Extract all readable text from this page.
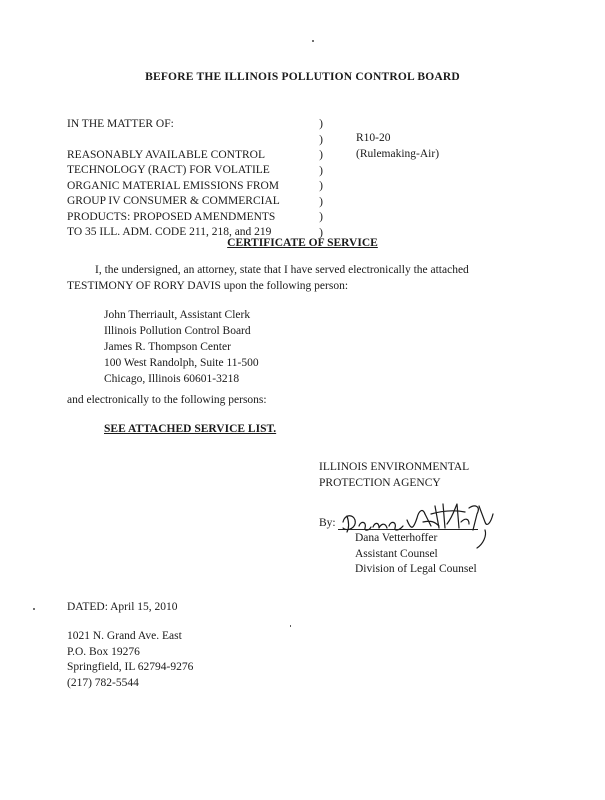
BEFORE THE ILLINOIS POLLUTION CONTROL BOARD
IN THE MATTER OF:
REASONABLY AVAILABLE CONTROL
TECHNOLOGY (RACT) FOR VOLATILE
ORGANIC MATERIAL EMISSIONS FROM
GROUP IV CONSUMER & COMMERCIAL
PRODUCTS: PROPOSED AMENDMENTS
TO 35 ILL. ADM. CODE 211, 218, and 219
)
)
)
)
)
)
)
)
R10-20
(Rulemaking-Air)
CERTIFICATE OF SERVICE
I, the undersigned, an attorney, state that I have served electronically the attached
TESTIMONY OF RORY DAVIS upon the following person:
John Therriault, Assistant Clerk
Illinois Pollution Control Board
James R. Thompson Center
100 West Randolph, Suite 11-500
Chicago, Illinois 60601-3218
and electronically to the following persons:
SEE ATTACHED SERVICE LIST.
ILLINOIS ENVIRONMENTAL
PROTECTION AGENCY
By:
Dana Vetterhoffer
Assistant Counsel
Division of Legal Counsel
DATED: April 15, 2010
1021 N. Grand Ave. East
P.O. Box 19276
Springfield, IL 62794-9276
(217) 782-5544
